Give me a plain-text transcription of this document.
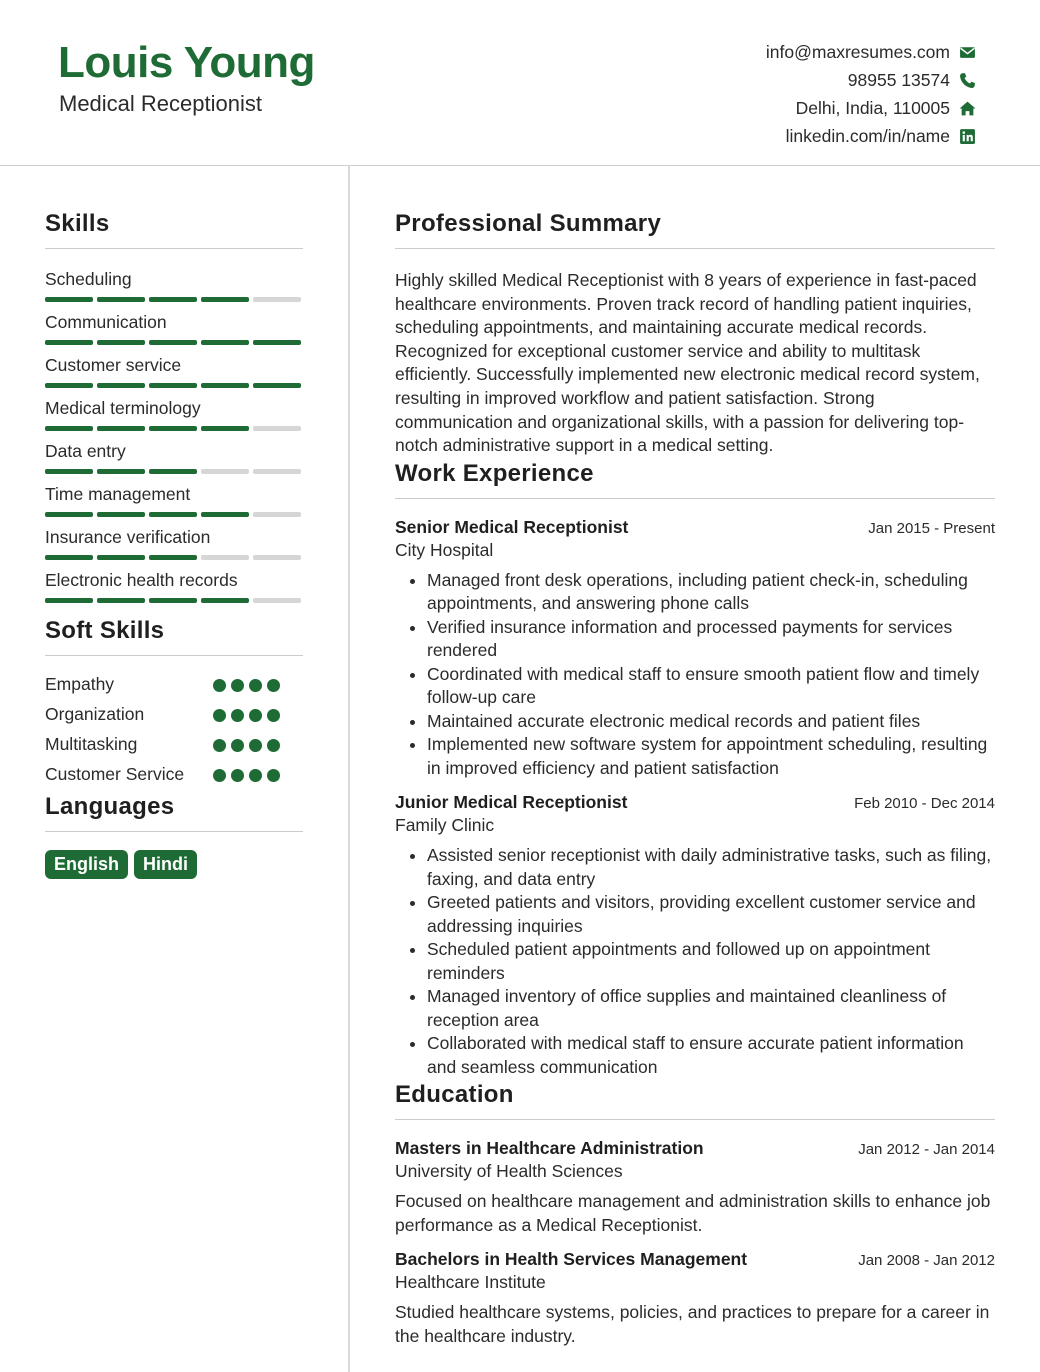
Louis Young
Medical Receptionist
info@maxresumes.com
98955 13574
Delhi, India, 110005
linkedin.com/in/name
Skills
Scheduling
Communication
Customer service
Medical terminology
Data entry
Time management
Insurance verification
Electronic health records
Soft Skills
Empathy
Organization
Multitasking
Customer Service
Languages
English	Hindi
Professional Summary
Highly skilled Medical Receptionist with 8 years of experience in fast-paced healthcare environments. Proven track record of handling patient inquiries, scheduling appointments, and maintaining accurate medical records. Recognized for exceptional customer service and ability to multitask efficiently. Successfully implemented new electronic medical record system, resulting in improved workflow and patient satisfaction. Strong communication and organizational skills, with a passion for delivering top-notch administrative support in a medical setting.
Work Experience
Senior Medical Receptionist	Jan 2015 - Present
City Hospital
• Managed front desk operations, including patient check-in, scheduling appointments, and answering phone calls
• Verified insurance information and processed payments for services rendered
• Coordinated with medical staff to ensure smooth patient flow and timely follow-up care
• Maintained accurate electronic medical records and patient files
• Implemented new software system for appointment scheduling, resulting in improved efficiency and patient satisfaction
Junior Medical Receptionist	Feb 2010 - Dec 2014
Family Clinic
• Assisted senior receptionist with daily administrative tasks, such as filing, faxing, and data entry
• Greeted patients and visitors, providing excellent customer service and addressing inquiries
• Scheduled patient appointments and followed up on appointment reminders
• Managed inventory of office supplies and maintained cleanliness of reception area
• Collaborated with medical staff to ensure accurate patient information and seamless communication
Education
Masters in Healthcare Administration	Jan 2012 - Jan 2014
University of Health Sciences
Focused on healthcare management and administration skills to enhance job performance as a Medical Receptionist.
Bachelors in Health Services Management	Jan 2008 - Jan 2012
Healthcare Institute
Studied healthcare systems, policies, and practices to prepare for a career in the healthcare industry.
